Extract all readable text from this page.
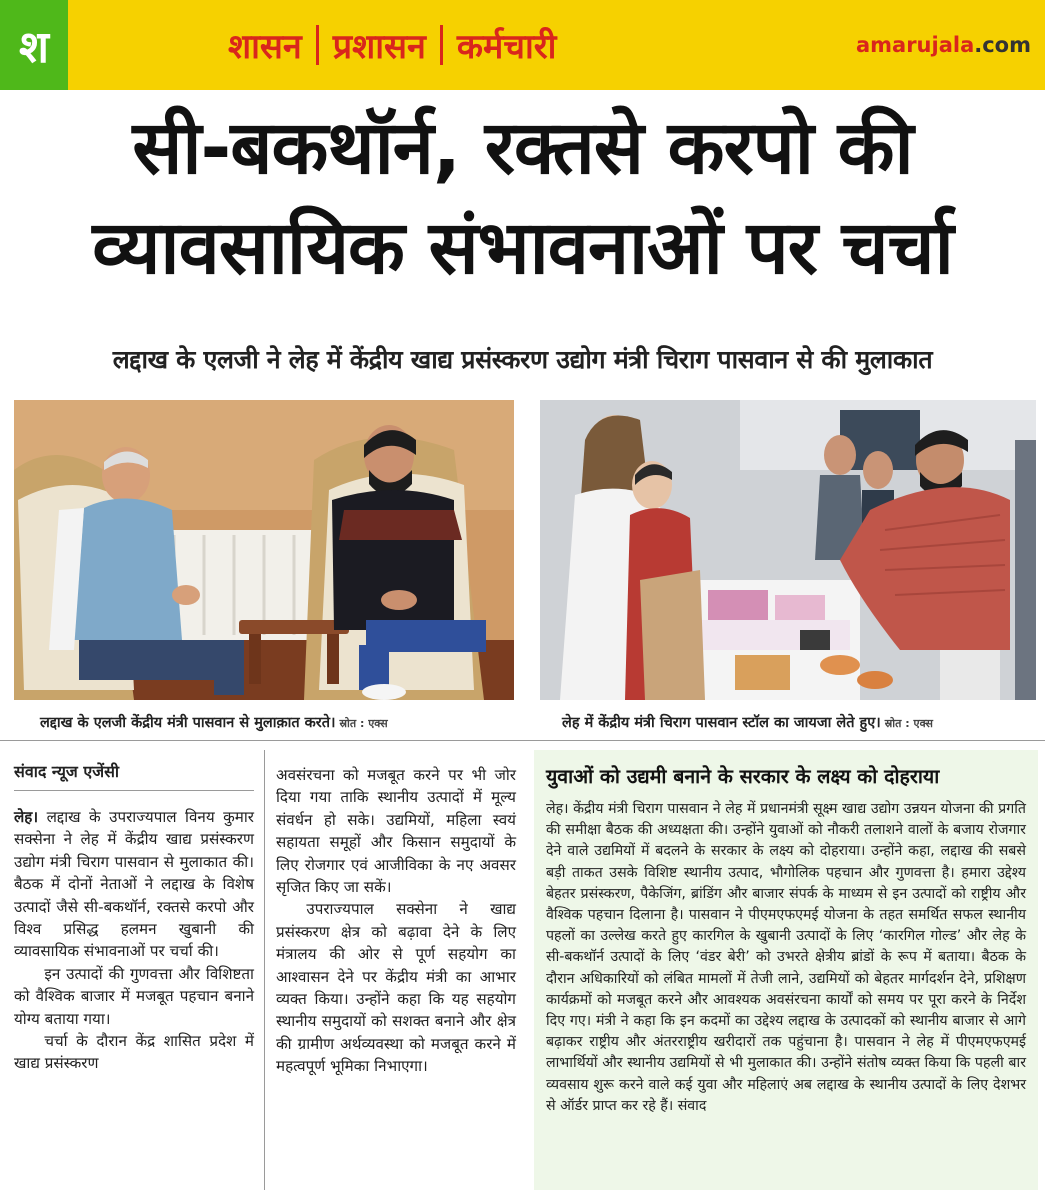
श	शासन प्रशासन कर्मचारी	amarujala.com
सी-बकथॉर्न, रक्तसे करपो की
व्यावसायिक संभावनाओं पर चर्चा
लद्दाख के एलजी ने लेह में केंद्रीय खाद्य प्रसंस्करण उद्योग मंत्री चिराग पासवान से की मुलाकात
लद्दाख के एलजी केंद्रीय मंत्री पासवान से मुलाक़ात करते। स्रोत : एक्स	लेह में केंद्रीय मंत्री चिराग पासवान स्टॉल का जायजा लेते हुए। स्रोत : एक्स
संवाद न्यूज एजेंसी

लेह। लद्दाख के उपराज्यपाल विनय कुमार सक्सेना ने लेह में केंद्रीय खाद्य प्रसंस्करण उद्योग मंत्री चिराग पासवान से मुलाकात की। बैठक में दोनों नेताओं ने लद्दाख के विशेष उत्पादों जैसे सी-बकथॉर्न, रक्तसे करपो और विश्व प्रसिद्ध हलमन खुबानी की व्यावसायिक संभावनाओं पर चर्चा की।

इन उत्पादों की गुणवत्ता और विशिष्टता को वैश्विक बाजार में मजबूत पहचान बनाने योग्य बताया गया।

चर्चा के दौरान केंद्र शासित प्रदेश में खाद्य प्रसंस्करण

अवसंरचना को मजबूत करने पर भी जोर दिया गया ताकि स्थानीय उत्पादों में मूल्य संवर्धन हो सके। उद्यमियों, महिला स्वयं सहायता समूहों और किसान समुदायों के लिए रोजगार एवं आजीविका के नए अवसर सृजित किए जा सकें।

उपराज्यपाल सक्सेना ने खाद्य प्रसंस्करण क्षेत्र को बढ़ावा देने के लिए मंत्रालय की ओर से पूर्ण सहयोग का आश्वासन देने पर केंद्रीय मंत्री का आभार व्यक्त किया। उन्होंने कहा कि यह सहयोग स्थानीय समुदायों को सशक्त बनाने और क्षेत्र की ग्रामीण अर्थव्यवस्था को मजबूत करने में महत्वपूर्ण भूमिका निभाएगा।

युवाओं को उद्यमी बनाने के सरकार के लक्ष्य को दोहराया

लेह। केंद्रीय मंत्री चिराग पासवान ने लेह में प्रधानमंत्री सूक्ष्म खाद्य उद्योग उन्नयन योजना की प्रगति की समीक्षा बैठक की अध्यक्षता की। उन्होंने युवाओं को नौकरी तलाशने वालों के बजाय रोजगार देने वाले उद्यमियों में बदलने के सरकार के लक्ष्य को दोहराया। उन्होंने कहा, लद्दाख की सबसे बड़ी ताकत उसके विशिष्ट स्थानीय उत्पाद, भौगोलिक पहचान और गुणवत्ता है। हमारा उद्देश्य बेहतर प्रसंस्करण, पैकेजिंग, ब्रांडिंग और बाजार संपर्क के माध्यम से इन उत्पादों को राष्ट्रीय और वैश्विक पहचान दिलाना है। पासवान ने पीएमएफएमई योजना के तहत समर्थित सफल स्थानीय पहलों का उल्लेख करते हुए कारगिल के खुबानी उत्पादों के लिए ‘कारगिल गोल्ड’ और लेह के सी-बकथॉर्न उत्पादों के लिए ‘वंडर बेरी’ को उभरते क्षेत्रीय ब्रांडों के रूप में बताया। बैठक के दौरान अधिकारियों को लंबित मामलों में तेजी लाने, उद्यमियों को बेहतर मार्गदर्शन देने, प्रशिक्षण कार्यक्रमों को मजबूत करने और आवश्यक अवसंरचना कार्यों को समय पर पूरा करने के निर्देश दिए गए। मंत्री ने कहा कि इन कदमों का उद्देश्य लद्दाख के उत्पादकों को स्थानीय बाजार से आगे बढ़ाकर राष्ट्रीय और अंतरराष्ट्रीय खरीदारों तक पहुंचाना है। पासवान ने लेह में पीएमएफएमई लाभार्थियों और स्थानीय उद्यमियों से भी मुलाकात की। उन्होंने संतोष व्यक्त किया कि पहली बार व्यवसाय शुरू करने वाले कई युवा और महिलाएं अब लद्दाख के स्थानीय उत्पादों के लिए देशभर से ऑर्डर प्राप्त कर रहे हैं। संवाद
